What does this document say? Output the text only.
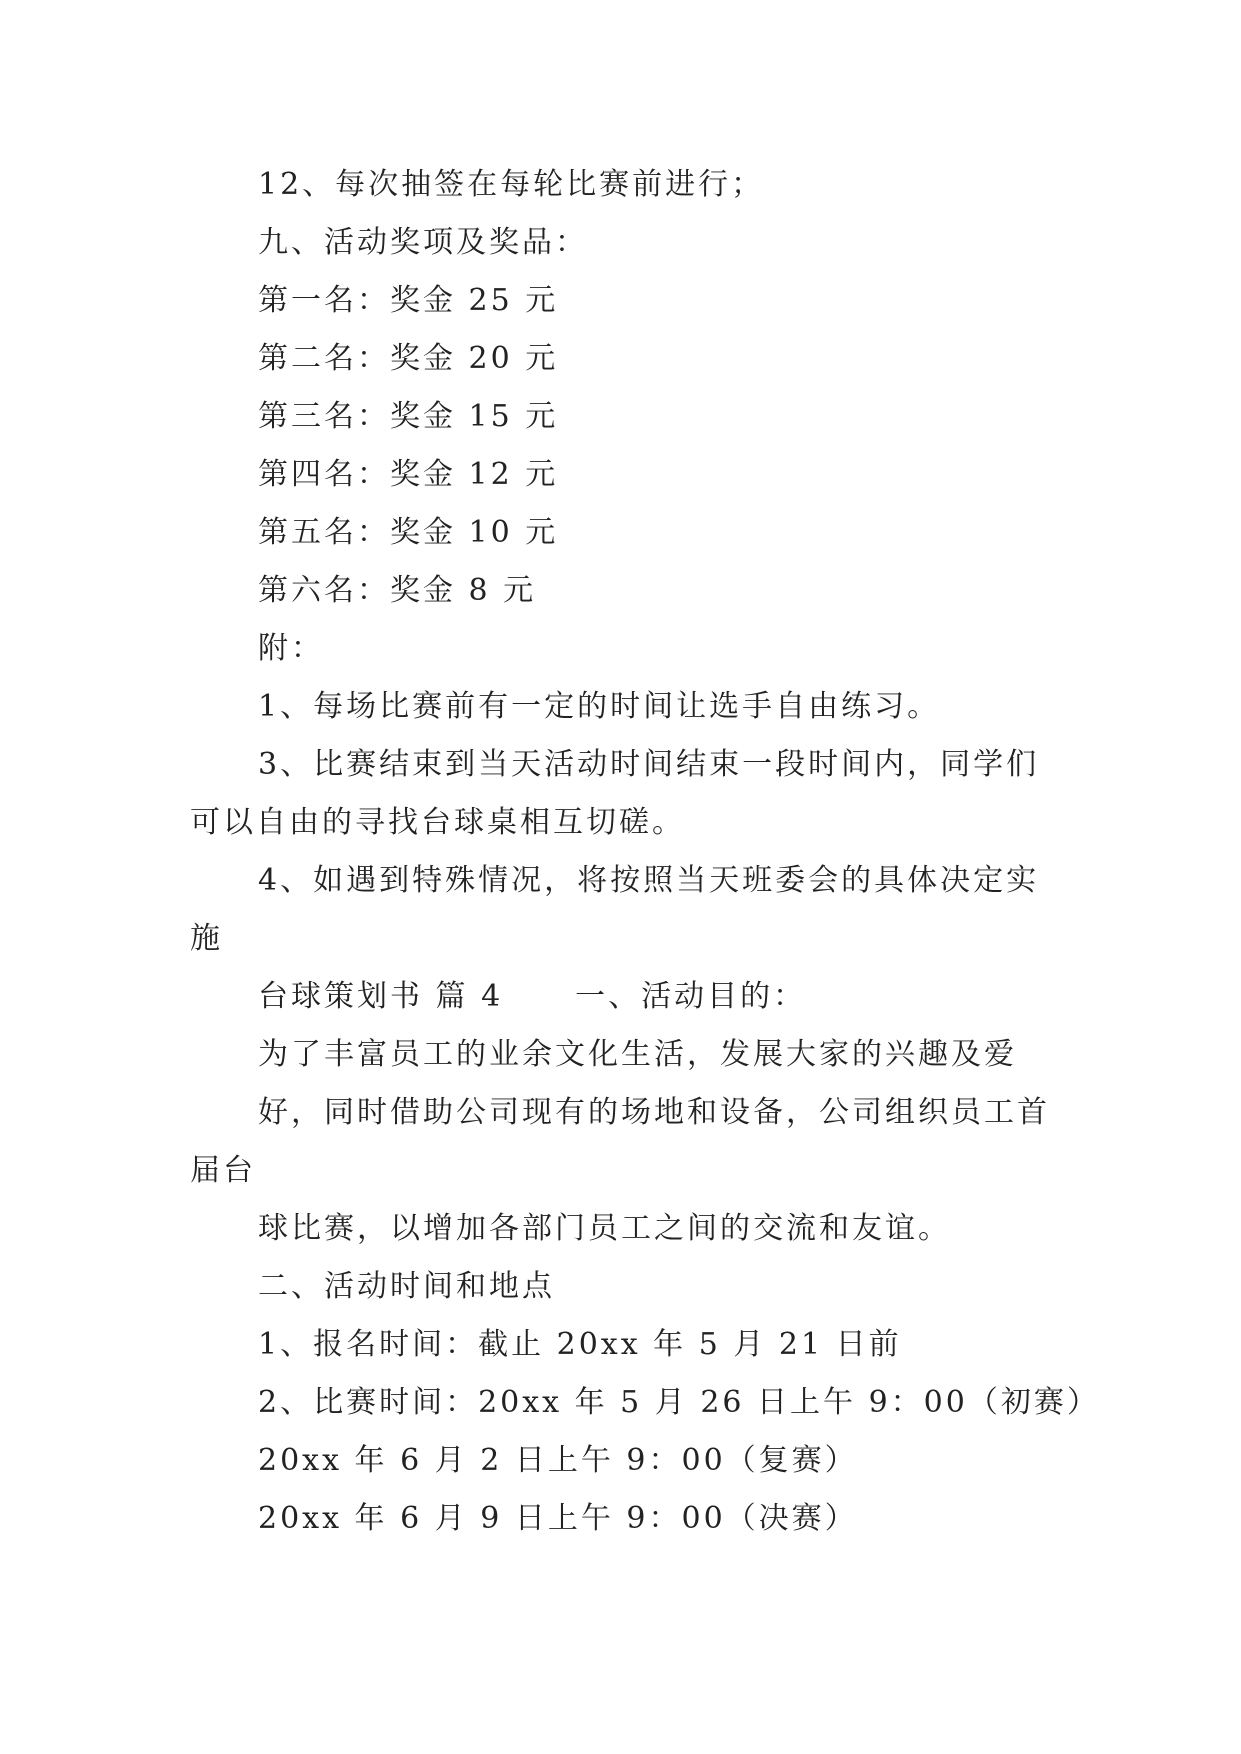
12、每次抽签在每轮比赛前进行；
九、活动奖项及奖品：
第一名：奖金 25 元
第二名：奖金 20 元
第三名：奖金 15 元
第四名：奖金 12 元
第五名：奖金 10 元
第六名：奖金 8 元
附：
1、每场比赛前有一定的时间让选手自由练习。
3、比赛结束到当天活动时间结束一段时间内，同学们
可以自由的寻找台球桌相互切磋。
4、如遇到特殊情况，将按照当天班委会的具体决定实
施
台球策划书 篇 4 一、活动目的：
为了丰富员工的业余文化生活，发展大家的兴趣及爱
好，同时借助公司现有的场地和设备，公司组织员工首
届台
球比赛，以增加各部门员工之间的交流和友谊。
二、活动时间和地点
1、报名时间：截止 20xx 年 5 月 21 日前
2、比赛时间：20xx 年 5 月 26 日上午 9：00（初赛）
20xx 年 6 月 2 日上午 9：00（复赛）
20xx 年 6 月 9 日上午 9：00（决赛）
